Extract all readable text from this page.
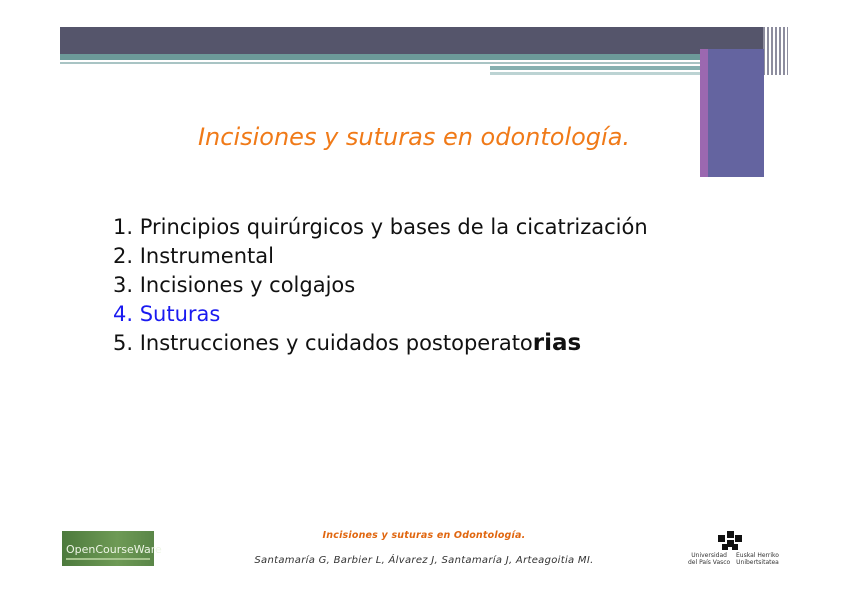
Incisiones y suturas en odontología.
1. Principios quirúrgicos y bases de la cicatrización
2. Instrumental
3. Incisiones y colgajos
4. Suturas
5. Instrucciones y cuidados postoperatorias
OpenCourseWare
Incisiones y suturas en Odontología.
Santamaría G, Barbier L, Álvarez J, Santamaría J, Arteagoitia MI.	Universidad
del País Vasco
Euskal Herriko
Unibertsitatea
